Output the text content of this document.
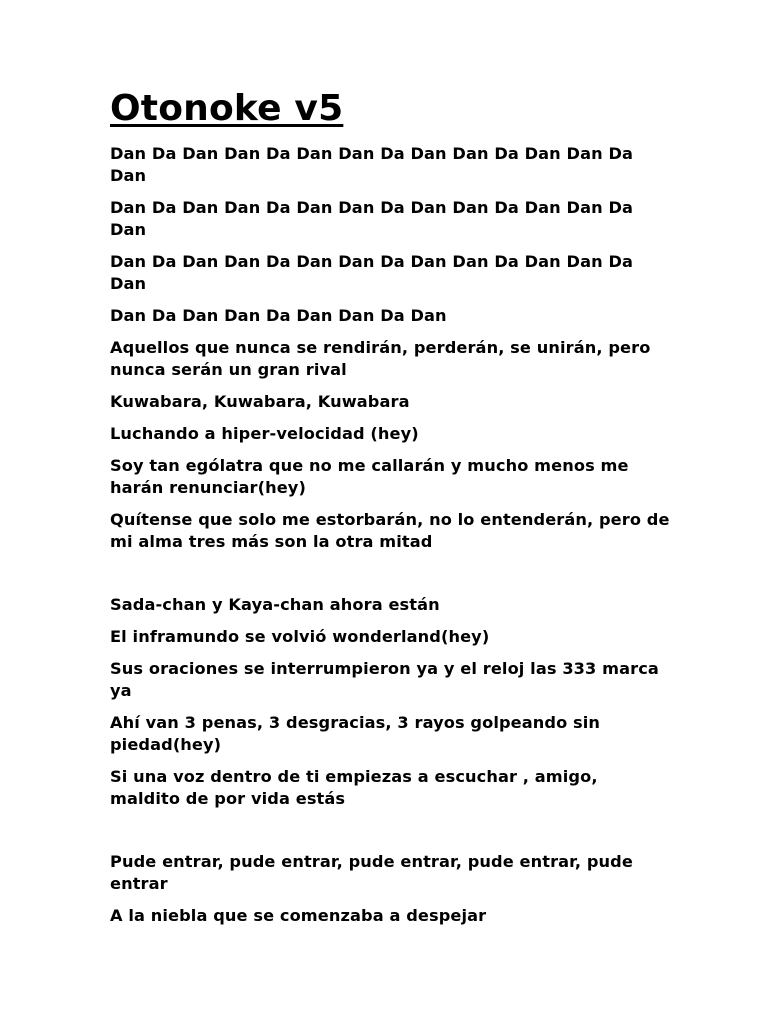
Otonoke v5

Dan Da Dan Dan Da Dan Dan Da Dan Dan Da Dan Dan Da Dan

Dan Da Dan Dan Da Dan Dan Da Dan Dan Da Dan Dan Da Dan

Dan Da Dan Dan Da Dan Dan Da Dan Dan Da Dan Dan Da Dan

Dan Da Dan Dan Da Dan Dan Da Dan

Aquellos que nunca se rendirán, perderán, se unirán, pero nunca serán un gran rival

Kuwabara, Kuwabara, Kuwabara

Luchando a hiper-velocidad (hey)

Soy tan ególatra que no me callarán y mucho menos me harán renunciar(hey)

Quítense que solo me estorbarán, no lo entenderán, pero de mi alma tres más son la otra mitad

Sada-chan y Kaya-chan ahora están

El inframundo se volvió wonderland(hey)

Sus oraciones se interrumpieron ya y el reloj las 333 marca ya

Ahí van 3 penas, 3 desgracias, 3 rayos golpeando sin piedad(hey)

Si una voz dentro de ti empiezas a escuchar , amigo, maldito de por vida estás

Pude entrar, pude entrar, pude entrar, pude entrar, pude entrar

A la niebla que se comenzaba a despejar
